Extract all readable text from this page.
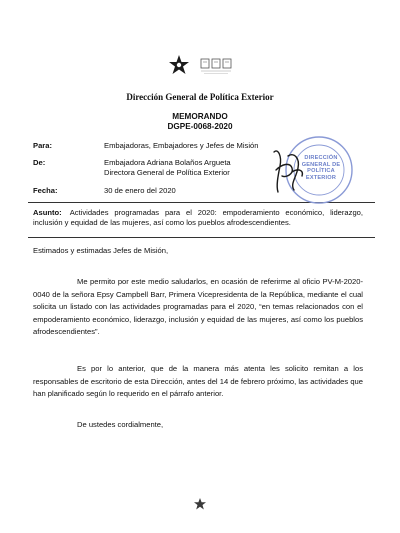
Dirección General de Política Exterior
MEMORANDO
DGPE-0068-2020
Para:	Embajadoras, Embajadores y Jefes de Misión
De:	Embajadora Adriana Bolaños Argueta
Directora General de Política Exterior
Fecha:	30 de enero del 2020
Asunto: Actividades programadas para el 2020: empoderamiento económico, liderazgo, inclusión y equidad de las mujeres, así como los pueblos afrodescendientes.
DIRECCIÓN
GENERAL DE
POLÍTICA
EXTERIOR
Estimados y estimadas Jefes de Misión,
Me permito por este medio saludarlos, en ocasión de referirme al oficio PV-M-2020-0040 de la señora Epsy Campbell Barr, Primera Vicepresidenta de la República, mediante el cual solicita un listado con las actividades programadas para el 2020, “en temas relacionados con el empoderamiento económico, liderazgo, inclusión y equidad de las mujeres, así como los pueblos afrodescendientes”.
Es por lo anterior, que de la manera más atenta les solicito remitan a los responsables de escritorio de esta Dirección, antes del 14 de febrero próximo, las actividades que han planificado según lo requerido en el párrafo anterior.
De ustedes cordialmente,
